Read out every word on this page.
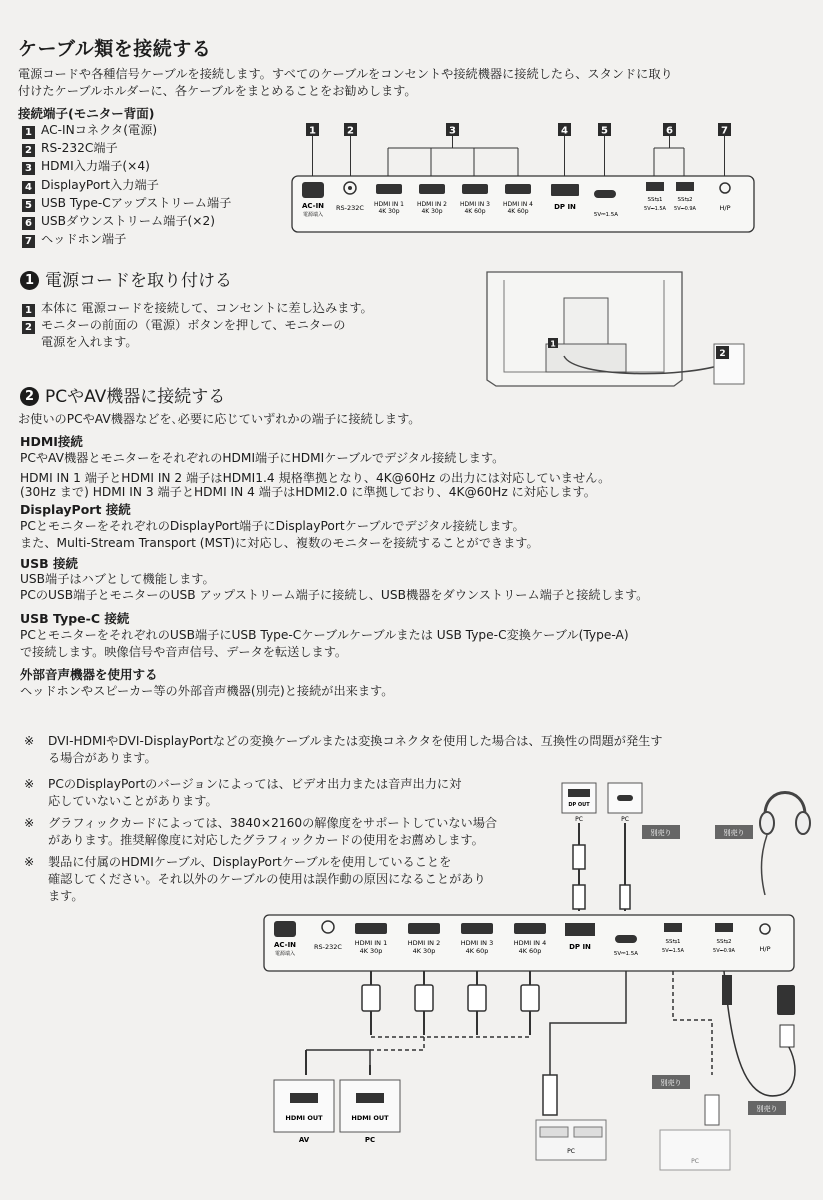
ケーブル類を接続する
電源コードや各種信号ケーブルを接続します。すべてのケーブルをコンセントや接続機器に接続したら、スタンドに取り
付けたケーブルホルダーに、各ケーブルをまとめることをお勧めします。
接続端子(モニター背面)
1 AC-INコネクタ(電源)
2 RS-232C端子
3 HDMI入力端子(×4)
4 DisplayPort入力端子
5 USB Type-Cアップストリーム端子
6 USBダウンストリーム端子(×2)
7 ヘッドホン端子
1	2	3	4	5	6	7
AC-IN
電源端入
RS-232C HDMI IN 1
4K 30p
HDMI IN 2
4K 30p
HDMI IN 3
4K 60p
HDMI IN 4
4K 60p
DP IN
5V⎓1.5A
SS⇆1
5V⎓1.5A
SS⇆2
5V⎓0.9A	H/P
1 電源コードを取り付ける
1 本体に 電源コードを接続して、コンセントに差し込みます。
2 モニターの前面の（電源）ボタンを押して、モニターの
電源を入れます。	1
2
2 PCやAV機器に接続する
お使いのPCやAV機器などを､必要に応じていずれかの端子に接続します。
HDMI接続
PCやAV機器とモニターをそれぞれのHDMI端子にHDMIケーブルでデジタル接続します。
HDMI IN 1 端子とHDMI IN 2 端子はHDMI1.4 規格準拠となり、4K@60Hz の出力には対応していません。
(30Hz まで) HDMI IN 3 端子とHDMI IN 4 端子はHDMI2.0 に準拠しており、4K@60Hz に対応します。
DisplayPort 接続
PCとモニターをそれぞれのDisplayPort端子にDisplayPortケーブルでデジタル接続します。
また、Multi-Stream Transport (MST)に対応し、複数のモニターを接続することができます。
USB 接続
USB端子はハブとして機能します。
PCのUSB端子とモニターのUSB アップストリーム端子に接続し、USB機器をダウンストリーム端子と接続します。
USB Type-C 接続
PCとモニターをそれぞれのUSB端子にUSB Type-Cケーブルケーブルまたは USB Type-C変換ケーブル(Type-A)
で接続します。映像信号や音声信号、データを転送します。
外部音声機器を使用する
ヘッドホンやスピーカー等の外部音声機器(別売)と接続が出来ます。
※ DVI-HDMIやDVI-DisplayPortなどの変換ケーブルまたは変換コネクタを使用した場合は、互換性の問題が発生す
る場合があります。
※ PCのDisplayPortのバージョンによっては、ビデオ出力または音声出力に対
応していないことがあります。
※ グラフィックカードによっては、3840×2160の解像度をサポートしていない場合
があります。推奨解像度に対応したグラフィックカードの使用をお薦めします。
※ 製品に付属のHDMIケーブル、DisplayPortケーブルを使用していることを
確認してください。それ以外のケーブルの使用は誤作動の原因になることがあり
ます。
DP OUT
PC	PC
別売り	別売り
AC-IN
電源端入
RS-232C HDMI IN 1
4K 30p
HDMI IN 2
4K 30p
HDMI IN 3
4K 60p
HDMI IN 4
4K 60p	DP IN
5V⎓1.5A
SS⇆1
5V⎓1.5A
SS⇆2
5V⎓0.9A	H/P
HDMI OUT
AV
HDMI OUT
PC
PC
別売り
PC
別売り
